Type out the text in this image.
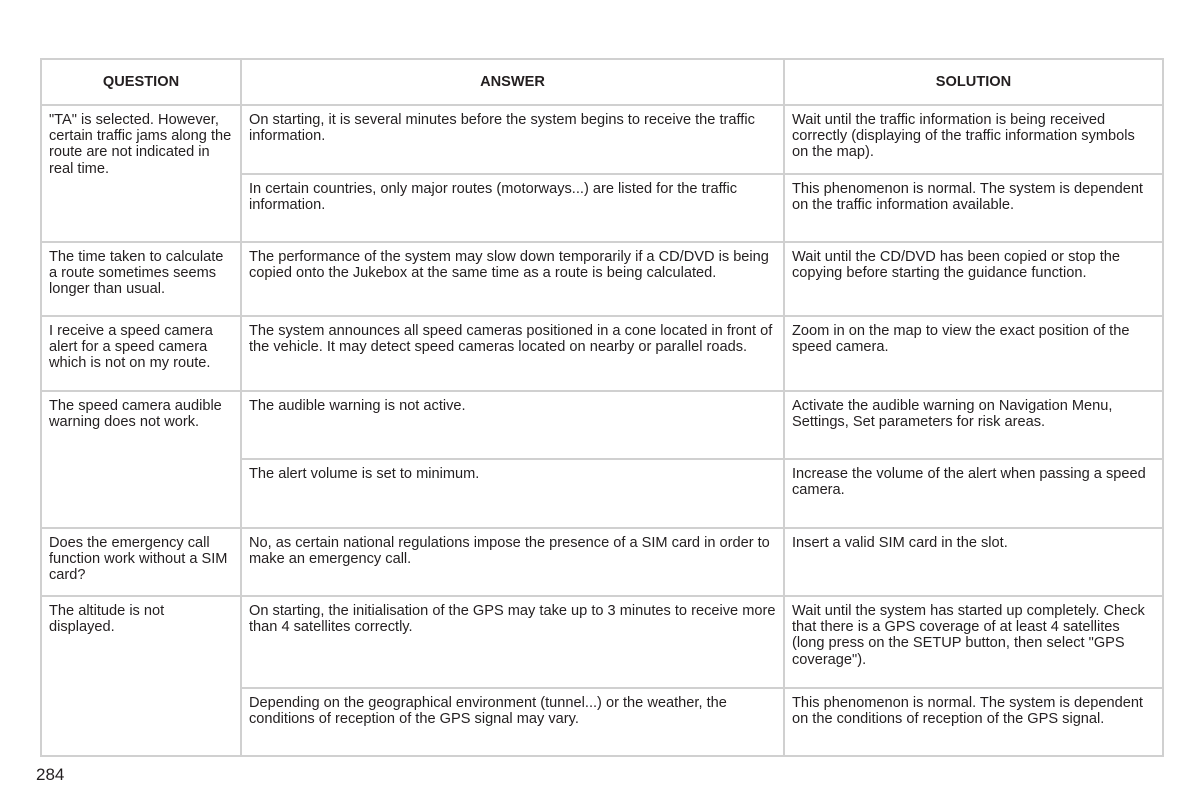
QUESTION	ANSWER	SOLUTION
"TA" is selected. However, certain traffic jams along the route are not indicated in real time.	On starting, it is several minutes before the system begins to receive the traffic information.	Wait until the traffic information is being received correctly (displaying of the traffic information symbols on the map).
	In certain countries, only major routes (motorways...) are listed for the traffic information.	This phenomenon is normal. The system is dependent on the traffic information available.
The time taken to calculate a route sometimes seems longer than usual.	The performance of the system may slow down temporarily if a CD/DVD is being copied onto the Jukebox at the same time as a route is being calculated.	Wait until the CD/DVD has been copied or stop the copying before starting the guidance function.
I receive a speed camera alert for a speed camera which is not on my route.	The system announces all speed cameras positioned in a cone located in front of the vehicle. It may detect speed cameras located on nearby or parallel roads.	Zoom in on the map to view the exact position of the speed camera.
The speed camera audible warning does not work.	The audible warning is not active.	Activate the audible warning on Navigation Menu, Settings, Set parameters for risk areas.
	The alert volume is set to minimum.	Increase the volume of the alert when passing a speed camera.
Does the emergency call function work without a SIM card?	No, as certain national regulations impose the presence of a SIM card in order to make an emergency call.	Insert a valid SIM card in the slot.
The altitude is not displayed.	On starting, the initialisation of the GPS may take up to 3 minutes to receive more than 4 satellites correctly.	Wait until the system has started up completely. Check that there is a GPS coverage of at least 4 satellites (long press on the SETUP button, then select "GPS coverage").
	Depending on the geographical environment (tunnel...) or the weather, the conditions of reception of the GPS signal may vary.	This phenomenon is normal. The system is dependent on the conditions of reception of the GPS signal.
284
